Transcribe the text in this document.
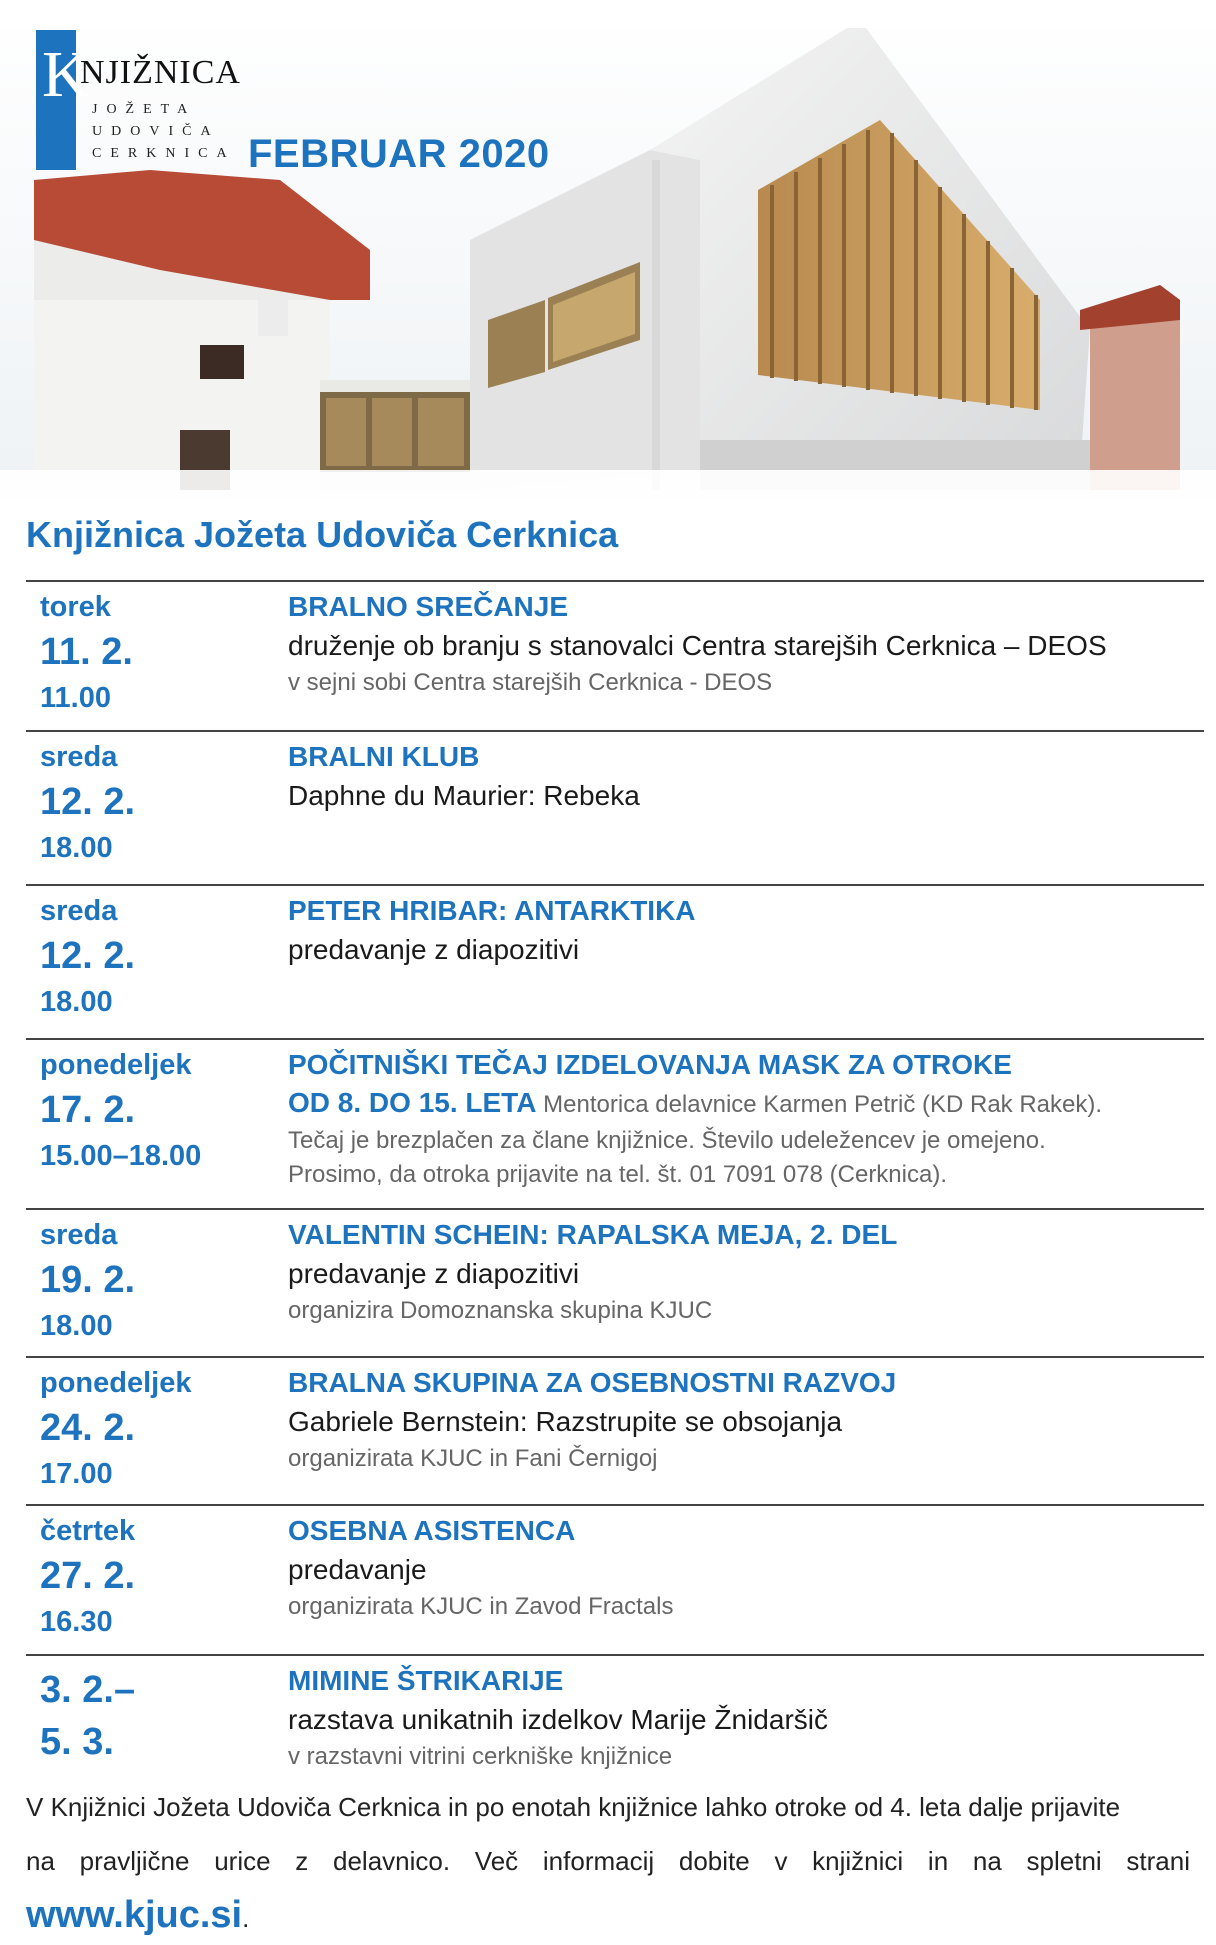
K
NJIŽNICA
JOŽETA
UDOVIČA
CERKNICA FEBRUAR 2020
Knjižnica Jožeta Udoviča Cerknica
torek
11. 2.
11.00
BRALNO SREČANJE
druženje ob branju s stanovalci Centra starejših Cerknica – DEOS
v sejni sobi Centra starejših Cerknica - DEOS
sreda
12. 2.
18.00
BRALNI KLUB
Daphne du Maurier: Rebeka
sreda
12. 2.
18.00
PETER HRIBAR: ANTARKTIKA
predavanje z diapozitivi
ponedeljek
17. 2.
15.00–18.00
POČITNIŠKI TEČAJ IZDELOVANJA MASK ZA OTROKE
OD 8. DO 15. LETA Mentorica delavnice Karmen Petrič (KD Rak Rakek).
Tečaj je brezplačen za člane knjižnice. Število udeležencev je omejeno.
Prosimo, da otroka prijavite na tel. št. 01 7091 078 (Cerknica).
sreda
19. 2.
18.00
VALENTIN SCHEIN: RAPALSKA MEJA, 2. DEL
predavanje z diapozitivi
organizira Domoznanska skupina KJUC
ponedeljek
24. 2.
17.00
BRALNA SKUPINA ZA OSEBNOSTNI RAZVOJ
Gabriele Bernstein: Razstrupite se obsojanja
organizirata KJUC in Fani Černigoj
četrtek
27. 2.
16.30
OSEBNA ASISTENCA
predavanje
organizirata KJUC in Zavod Fractals
3. 2.–
5. 3.
MIMINE ŠTRIKARIJE
razstava unikatnih izdelkov Marije Žnidaršič
v razstavni vitrini cerkniške knjižnice
V Knjižnici Jožeta Udoviča Cerknica in po enotah knjižnice lahko otroke od 4. leta dalje prijavite
na pravljične urice z delavnico. Več informacij dobite v knjižnici in na spletni strani www.kjuc.si.
